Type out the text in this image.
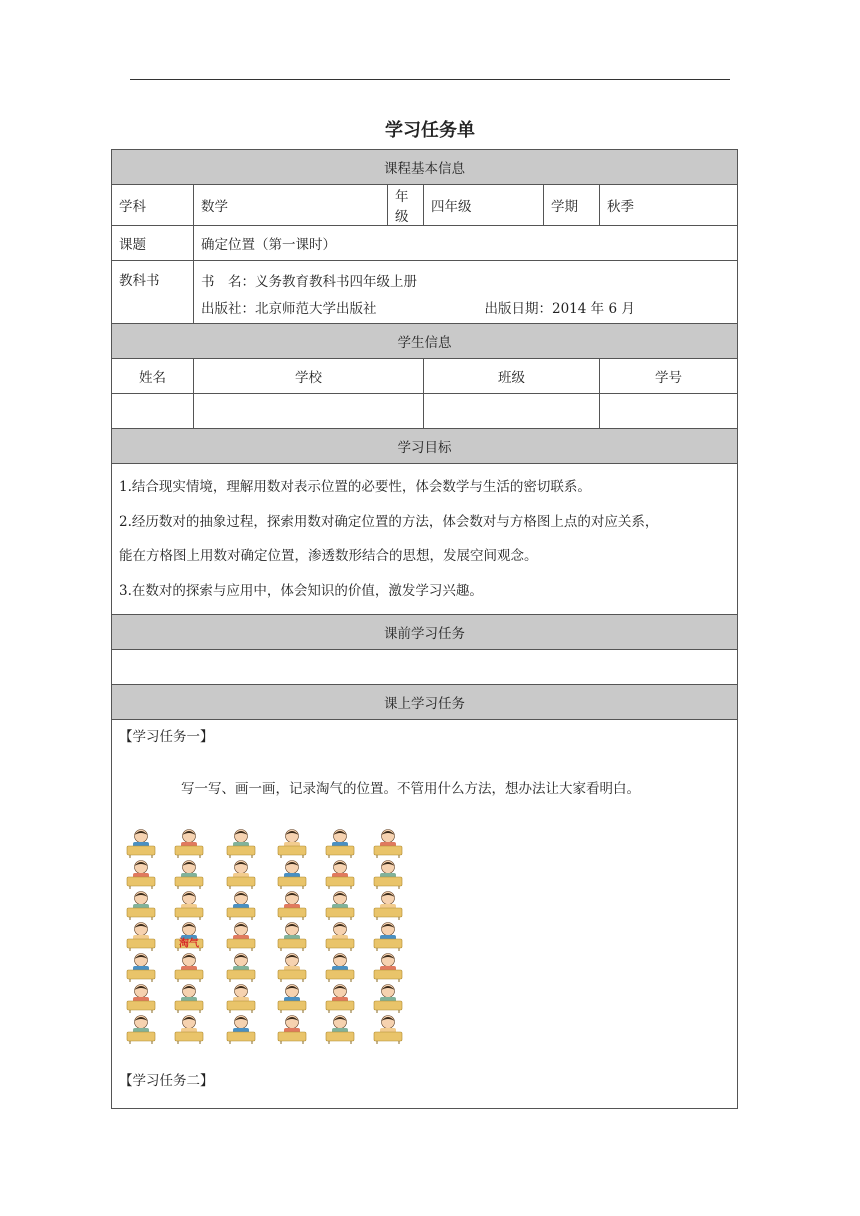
学习任务单
课程基本信息					
学科	数学	年级	四年级	学期	秋季
课题	确定位置（第一课时）				
教科书	书　名：义务教育教科书四年级上册
出版社：北京师范大学出版社 出版日期：2014 年 6 月				

学生信息					
姓名	学校		班级		学号

学习目标					

1.结合现实情境，理解用数对表示位置的必要性，体会数学与生活的密切联系。
2.经历数对的抽象过程，探索用数对确定位置的方法，体会数对与方格图上点的对应关系，
能在方格图上用数对确定位置，渗透数形结合的思想，发展空间观念。
3.在数对的探索与应用中，体会知识的价值，激发学习兴趣。					

课前学习任务					

课上学习任务					

【学习任务一】
写一写、画一画，记录淘气的位置。不管用什么方法，想办法让大家看明白。
淘气
【学习任务二】					
